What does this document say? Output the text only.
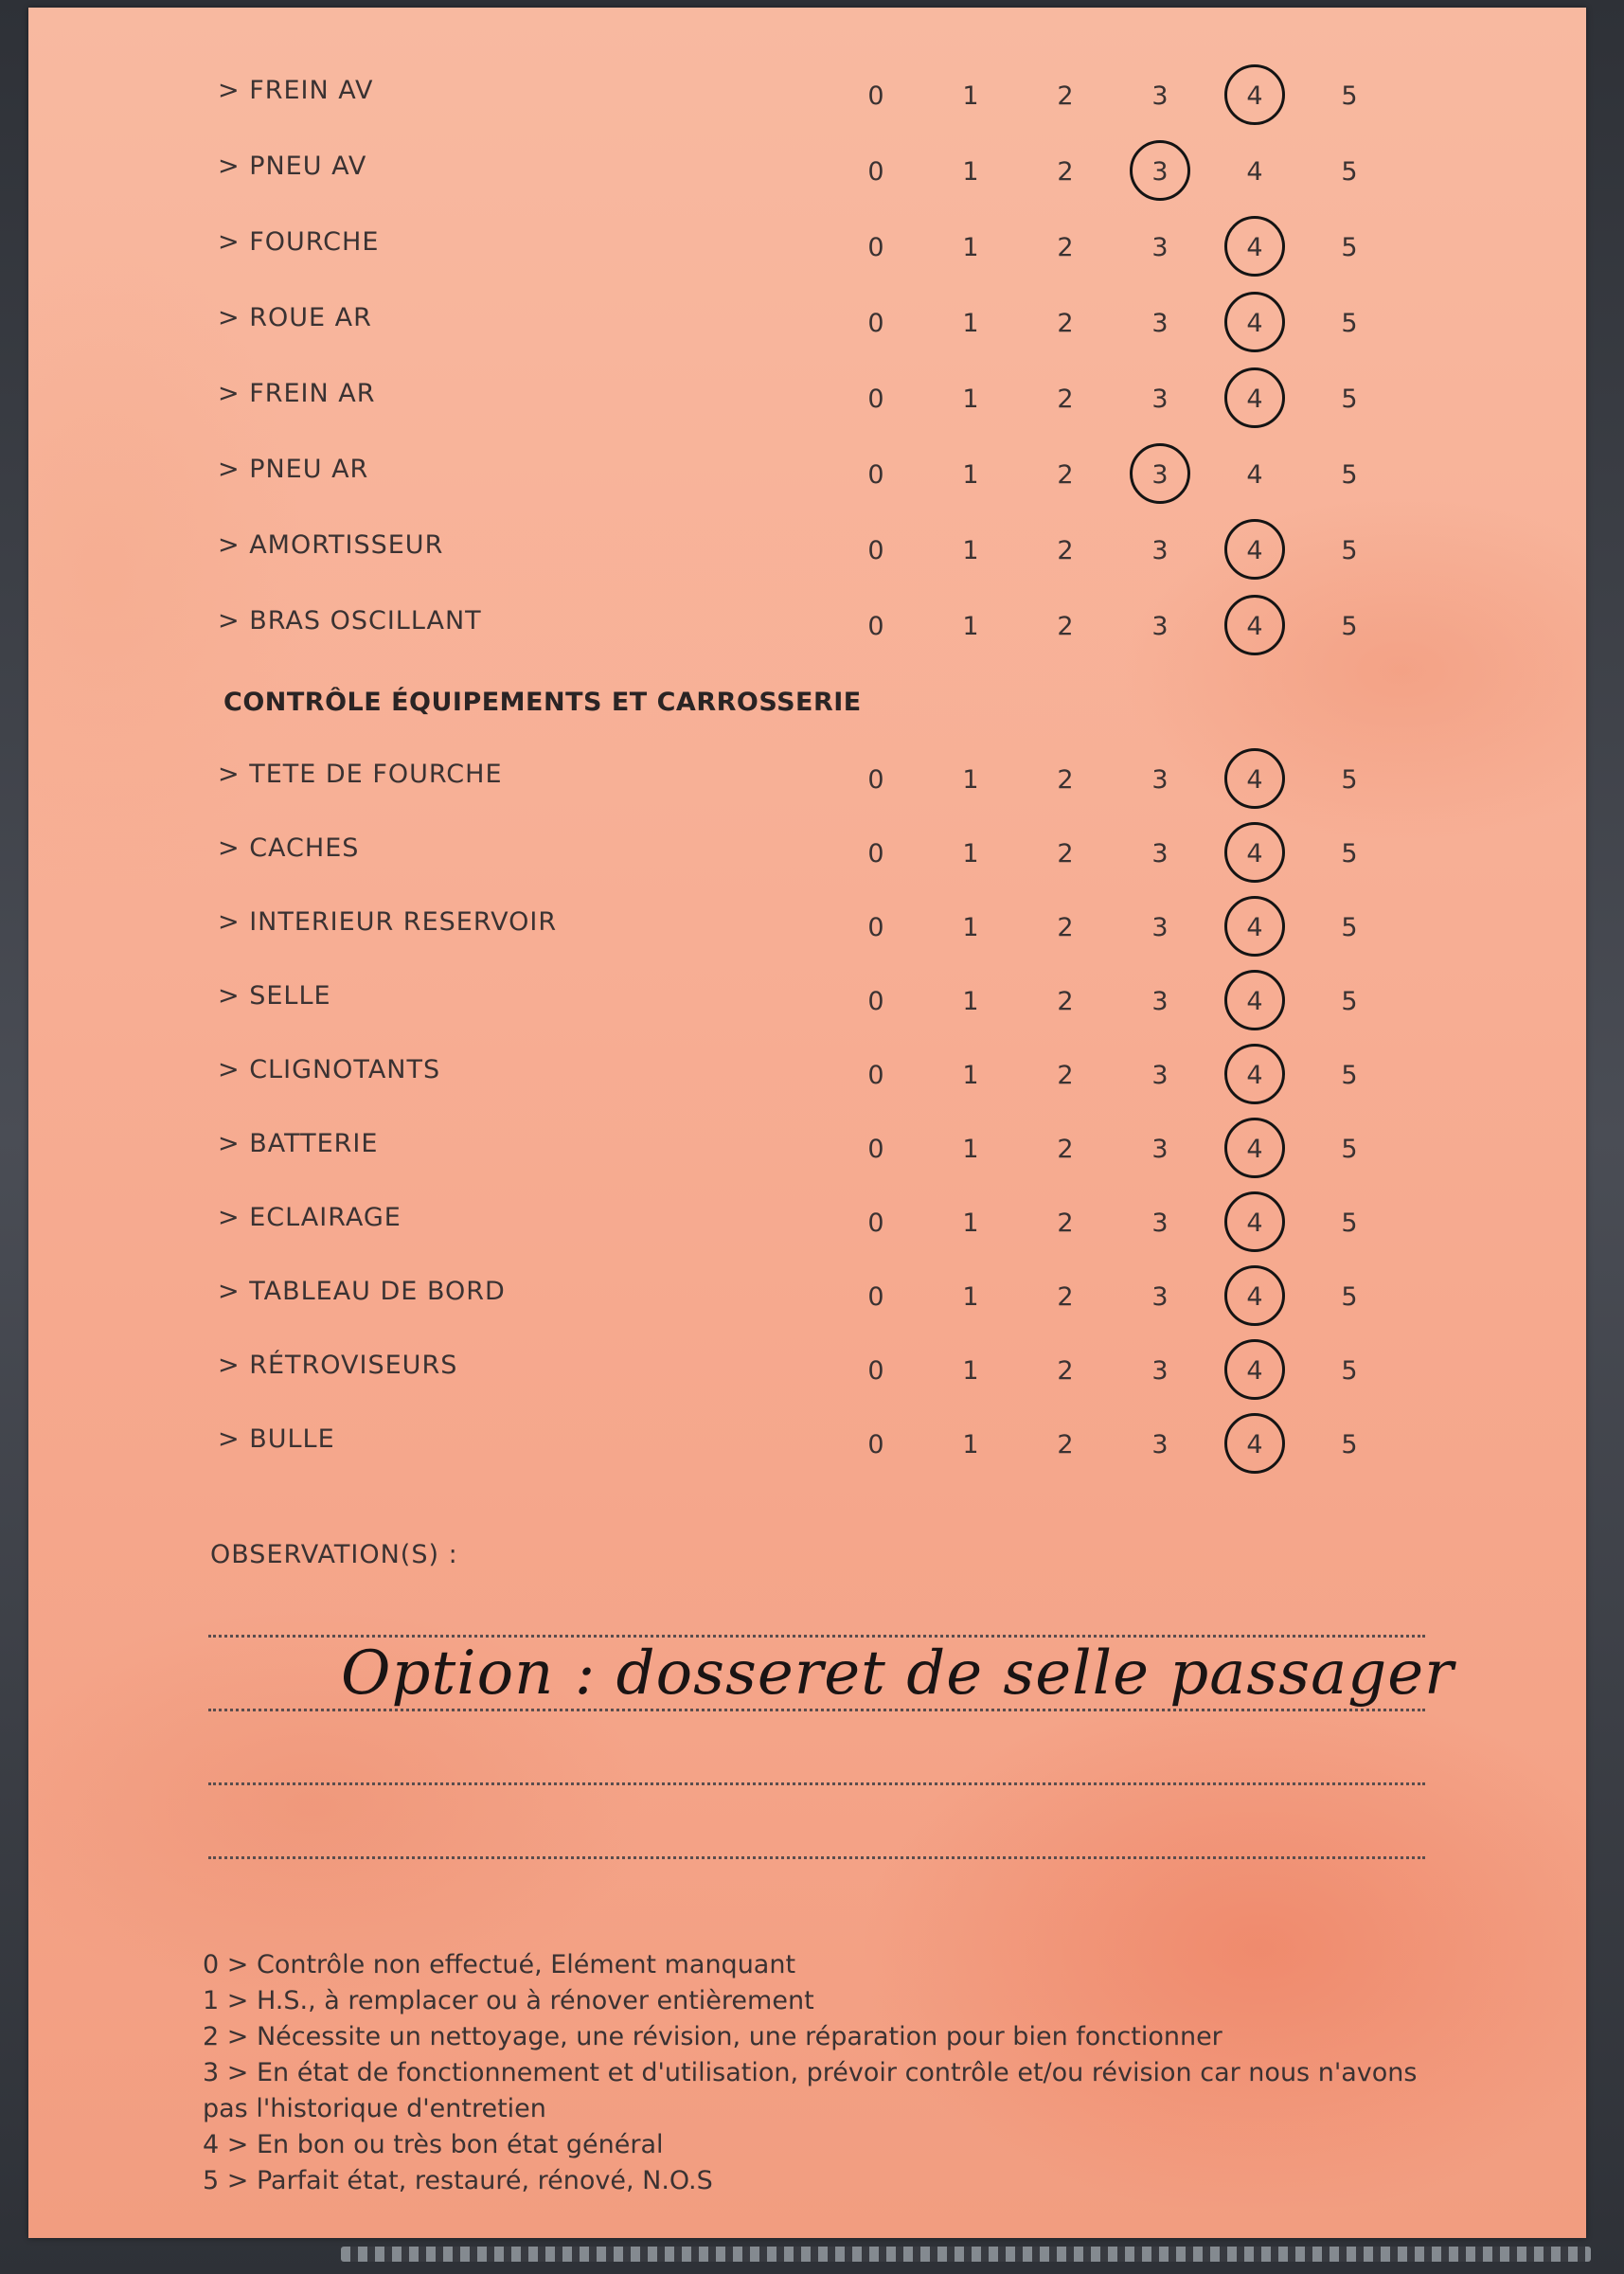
CONTRÔLE ÉQUIPEMENTS ET CARROSSERIE
OBSERVATION(S) :
Option : dosseret de selle passager
0 > Contrôle non effectué, Elément manquant
1 > H.S., à remplacer ou à rénover entièrement
2 > Nécessite un nettoyage, une révision, une réparation pour bien fonctionner
3 > En état de fonctionnement et d'utilisation, prévoir contrôle et/ou révision car nous n'avons pas l'historique d'entretien
4 > En bon ou très bon état général
5 > Parfait état, restauré, rénové, N.O.S
> FREIN AV	0	1	2	3	4	5
> PNEU AV	0	1	2	3	4	5
> FOURCHE	0	1	2	3	4	5
> ROUE AR	0	1	2	3	4	5
> FREIN AR	0	1	2	3	4	5
> PNEU AR	0	1	2	3	4	5
> AMORTISSEUR	0	1	2	3	4	5
> BRAS OSCILLANT	0	1	2	3	4	5
> TETE DE FOURCHE	0	1	2	3	4	5
> CACHES	0	1	2	3	4	5
> INTERIEUR RESERVOIR	0	1	2	3	4	5
> SELLE	0	1	2	3	4	5
> CLIGNOTANTS	0	1	2	3	4	5
> BATTERIE	0	1	2	3	4	5
> ECLAIRAGE	0	1	2	3	4	5
> TABLEAU DE BORD	0	1	2	3	4	5
> RÉTROVISEURS	0	1	2	3	4	5
> BULLE	0	1	2	3	4	5
